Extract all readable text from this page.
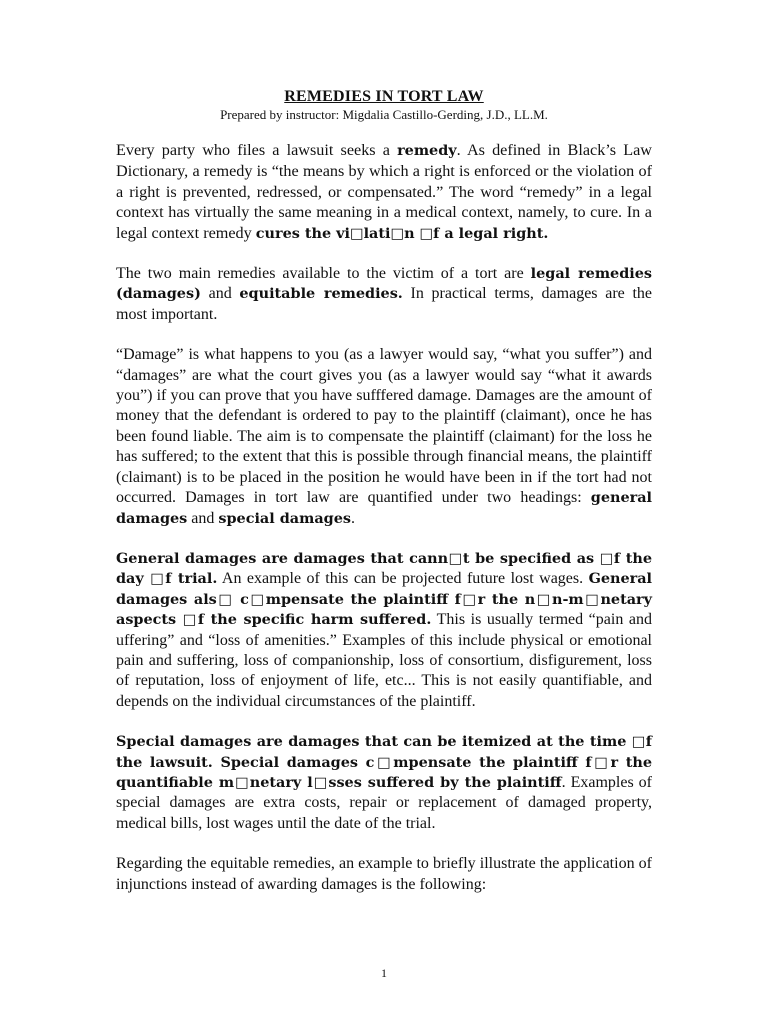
REMEDIES IN TORT LAW
Prepared by instructor: Migdalia Castillo-Gerding, J.D., LL.M.

Every party who files a lawsuit seeks a remedy. As defined in Black’s Law Dictionary, a remedy is “the means by which a right is enforced or the violation of a right is prevented, redressed, or compensated.” The word “remedy” in a legal context has virtually the same meaning in a medical context, namely, to cure. In a legal context remedy cures the vi□lati□n □f a legal right.

The two main remedies available to the victim of a tort are legal remedies (damages) and equitable remedies. In practical terms, damages are the most important.

“Damage” is what happens to you (as a lawyer would say, “what you suffer”) and “damages” are what the court gives you (as a lawyer would say “what it awards you”) if you can prove that you have sufffered damage. Damages are the amount of money that the defendant is ordered to pay to the plaintiff (claimant), once he has been found liable. The aim is to compensate the plaintiff (claimant) for the loss he has suffered; to the extent that this is possible through financial means, the plaintiff (claimant) is to be placed in the position he would have been in if the tort had not occurred. Damages in tort law are quantified under two headings: general damages and special damages.

General damages are damages that cann□t be specified as □f the day □f trial. An example of this can be projected future lost wages. General damages als□ c□mpensate the plaintiff f□r the n□n-m□netary aspects □f the specific harm suffered. This is usually termed “pain and uffering” and “loss of amenities.” Examples of this include physical or emotional pain and suffering, loss of companionship, loss of consortium, disfigurement, loss of reputation, loss of enjoyment of life, etc... This is not easily quantifiable, and depends on the individual circumstances of the plaintiff.

Special damages are damages that can be itemized at the time □f the lawsuit. Special damages c□mpensate the plaintiff f□r the quantifiable m□netary l□sses suffered by the plaintiff. Examples of special damages are extra costs, repair or replacement of damaged property, medical bills, lost wages until the date of the trial.

Regarding the equitable remedies, an example to briefly illustrate the application of injunctions instead of awarding damages is the following:

1
